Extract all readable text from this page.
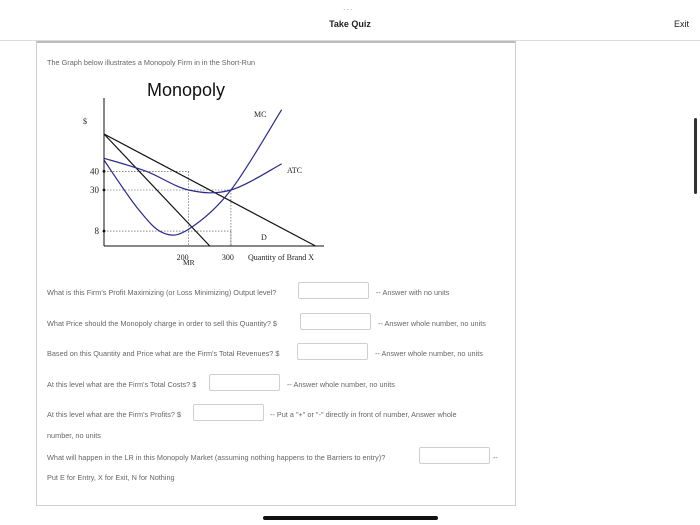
...
Take Quiz	Exit
The Graph below illustrates a Monopoly Firm in in the Short-Run
Monopoly
$
40
30
8
200	300 Quantity of Brand X
MC
ATC
D
MR
What is this Firm's Profit Maximizing (or Loss Minimizing) Output level?	-- Answer with no units
What Price should the Monopoly charge in order to sell this Quantity? $	-- Answer whole number, no units
Based on this Quantity and Price what are the Firm's Total Revenues? $	-- Answer whole number, no units
At this level what are the Firm's Total Costs? $	-- Answer whole number, no units
At this level what are the Firm's Profits? $	-- Put a "+" or "-" directly in front of number, Answer whole
number, no units
What will happen in the LR in this Monopoly Market (assuming nothing happens to the Barriers to entry)?	--
Put E for Entry, X for Exit, N for Nothing
